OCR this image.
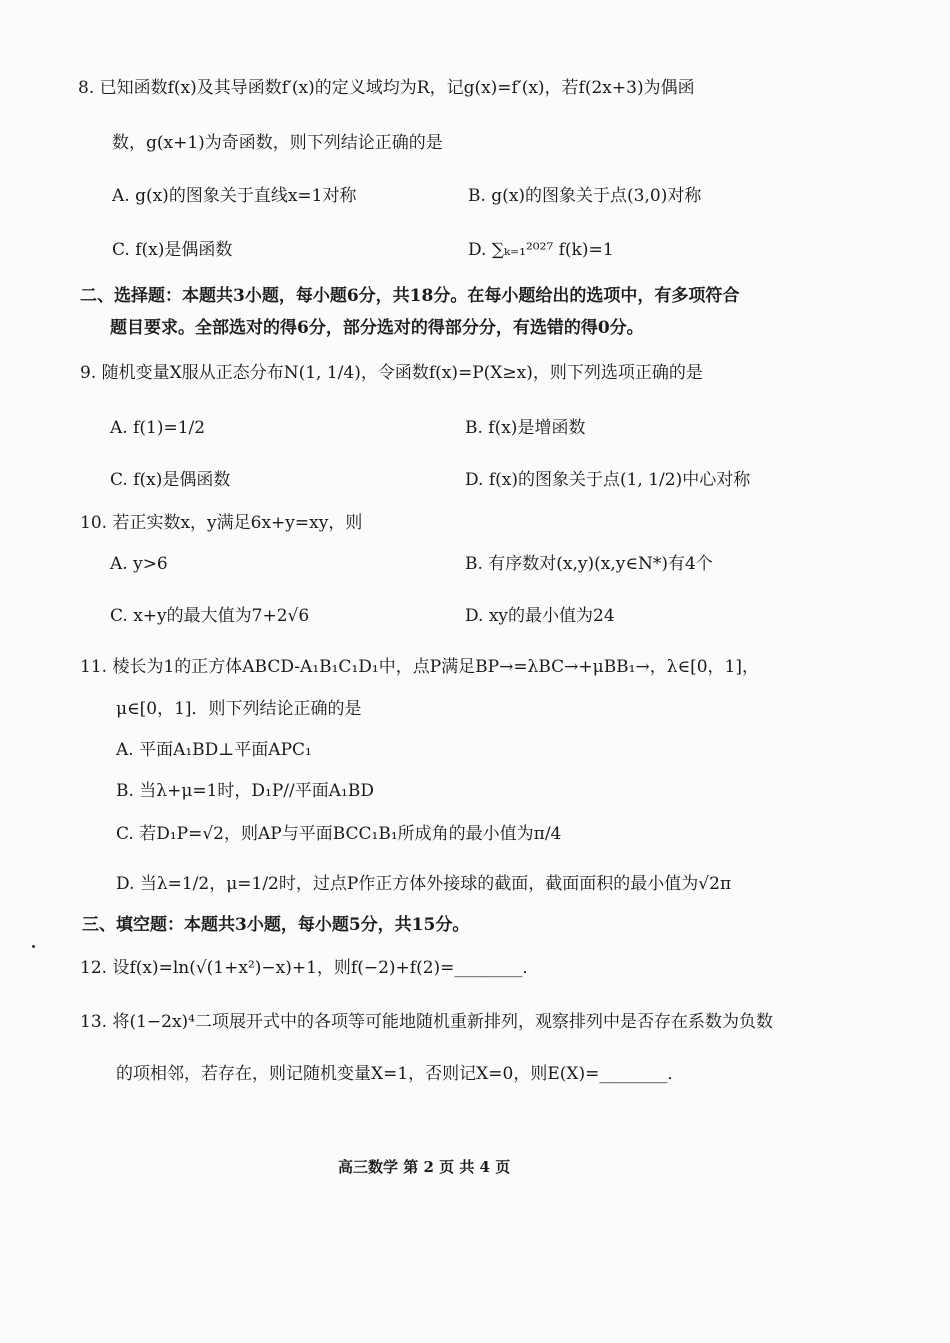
8. 已知函数f(x)及其导函数f′(x)的定义域均为R，记g(x)=f′(x)，若f(2x+3)为偶函
数，g(x+1)为奇函数，则下列结论正确的是
A. g(x)的图象关于直线x=1对称	B. g(x)的图象关于点(3,0)对称
C. f(x)是偶函数	D. ∑ₖ₌₁²⁰²⁷ f(k)=1
二、选择题：本题共3小题，每小题6分，共18分。在每小题给出的选项中，有多项符合
题目要求。全部选对的得6分，部分选对的得部分分，有选错的得0分。
9. 随机变量X服从正态分布N(1, 1/4)，令函数f(x)=P(X≥x)，则下列选项正确的是
A. f(1)=1/2	B. f(x)是增函数
C. f(x)是偶函数	D. f(x)的图象关于点(1, 1/2)中心对称
10. 若正实数x，y满足6x+y=xy，则
A. y>6	B. 有序数对(x,y)(x,y∈N*)有4个
C. x+y的最大值为7+2√6	D. xy的最小值为24
11. 棱长为1的正方体ABCD-A₁B₁C₁D₁中，点P满足BP→=λBC→+μBB₁→，λ∈[0，1]，
μ∈[0，1]．则下列结论正确的是
A. 平面A₁BD⊥平面APC₁
B. 当λ+μ=1时，D₁P//平面A₁BD
C. 若D₁P=√2，则AP与平面BCC₁B₁所成角的最小值为π/4
D. 当λ=1/2，μ=1/2时，过点P作正方体外接球的截面，截面面积的最小值为√2π
三、填空题：本题共3小题，每小题5分，共15分。
12. 设f(x)=ln(√(1+x²)−x)+1，则f(−2)+f(2)=________．
13. 将(1−2x)⁴二项展开式中的各项等可能地随机重新排列，观察排列中是否存在系数为负数
的项相邻，若存在，则记随机变量X=1，否则记X=0，则E(X)=________．
高三数学 第 2 页 共 4 页
